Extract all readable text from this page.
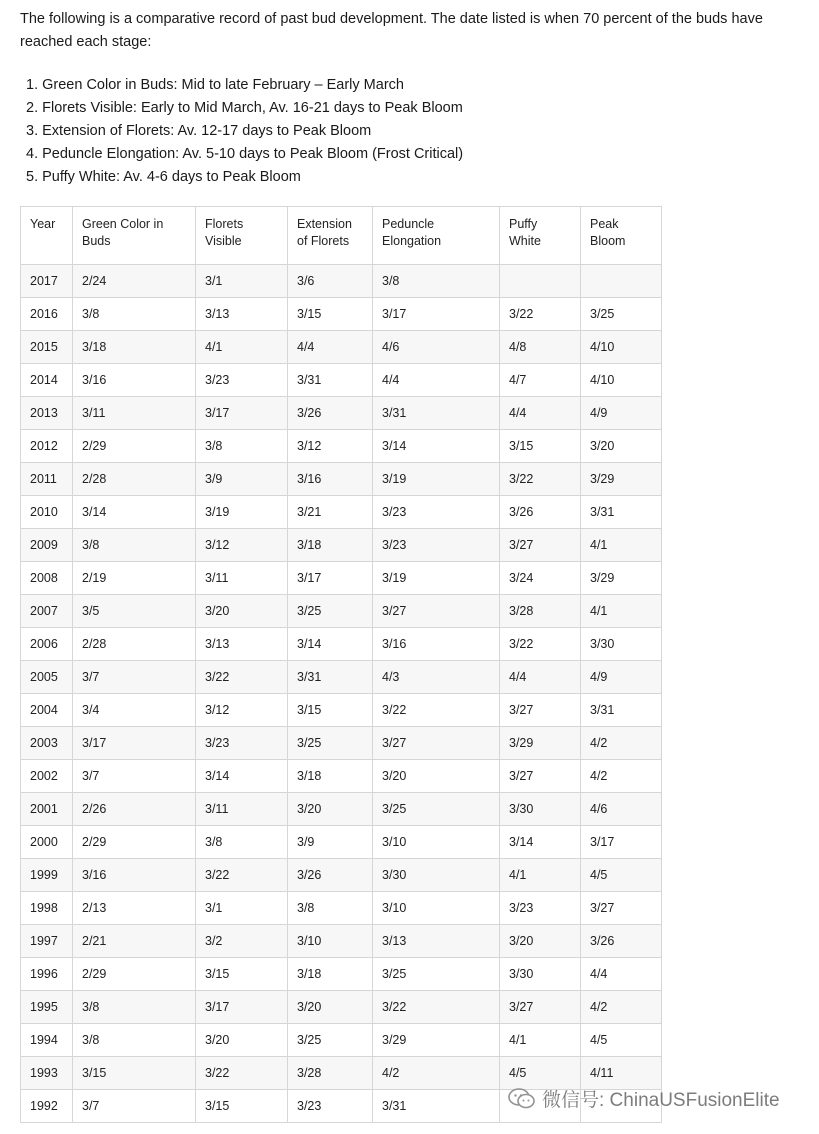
The following is a comparative record of past bud development. The date listed is when 70 percent of the buds have reached each stage:

1. Green Color in Buds: Mid to late February – Early March
2. Florets Visible: Early to Mid March, Av. 16-21 days to Peak Bloom
3. Extension of Florets: Av. 12-17 days to Peak Bloom
4. Peduncle Elongation: Av. 5-10 days to Peak Bloom (Frost Critical)
5. Puffy White: Av. 4-6 days to Peak Bloom
Year	Green Color in Buds	Florets Visible	Extension of Florets	Peduncle Elongation	Puffy White	Peak Bloom
2017	2/24	3/1	3/6	3/8		
2016	3/8	3/13	3/15	3/17	3/22	3/25
2015	3/18	4/1	4/4	4/6	4/8	4/10
2014	3/16	3/23	3/31	4/4	4/7	4/10
2013	3/11	3/17	3/26	3/31	4/4	4/9
2012	2/29	3/8	3/12	3/14	3/15	3/20
2011	2/28	3/9	3/16	3/19	3/22	3/29
2010	3/14	3/19	3/21	3/23	3/26	3/31
2009	3/8	3/12	3/18	3/23	3/27	4/1
2008	2/19	3/11	3/17	3/19	3/24	3/29
2007	3/5	3/20	3/25	3/27	3/28	4/1
2006	2/28	3/13	3/14	3/16	3/22	3/30
2005	3/7	3/22	3/31	4/3	4/4	4/9
2004	3/4	3/12	3/15	3/22	3/27	3/31
2003	3/17	3/23	3/25	3/27	3/29	4/2
2002	3/7	3/14	3/18	3/20	3/27	4/2
2001	2/26	3/11	3/20	3/25	3/30	4/6
2000	2/29	3/8	3/9	3/10	3/14	3/17
1999	3/16	3/22	3/26	3/30	4/1	4/5
1998	2/13	3/1	3/8	3/10	3/23	3/27
1997	2/21	3/2	3/10	3/13	3/20	3/26
1996	2/29	3/15	3/18	3/25	3/30	4/4
1995	3/8	3/17	3/20	3/22	3/27	4/2
1994	3/8	3/20	3/25	3/29	4/1	4/5
1993	3/15	3/22	3/28	4/2	4/5	4/11
1992	3/7	3/15	3/23	3/31			微信号: ChinaUSFusionElite
